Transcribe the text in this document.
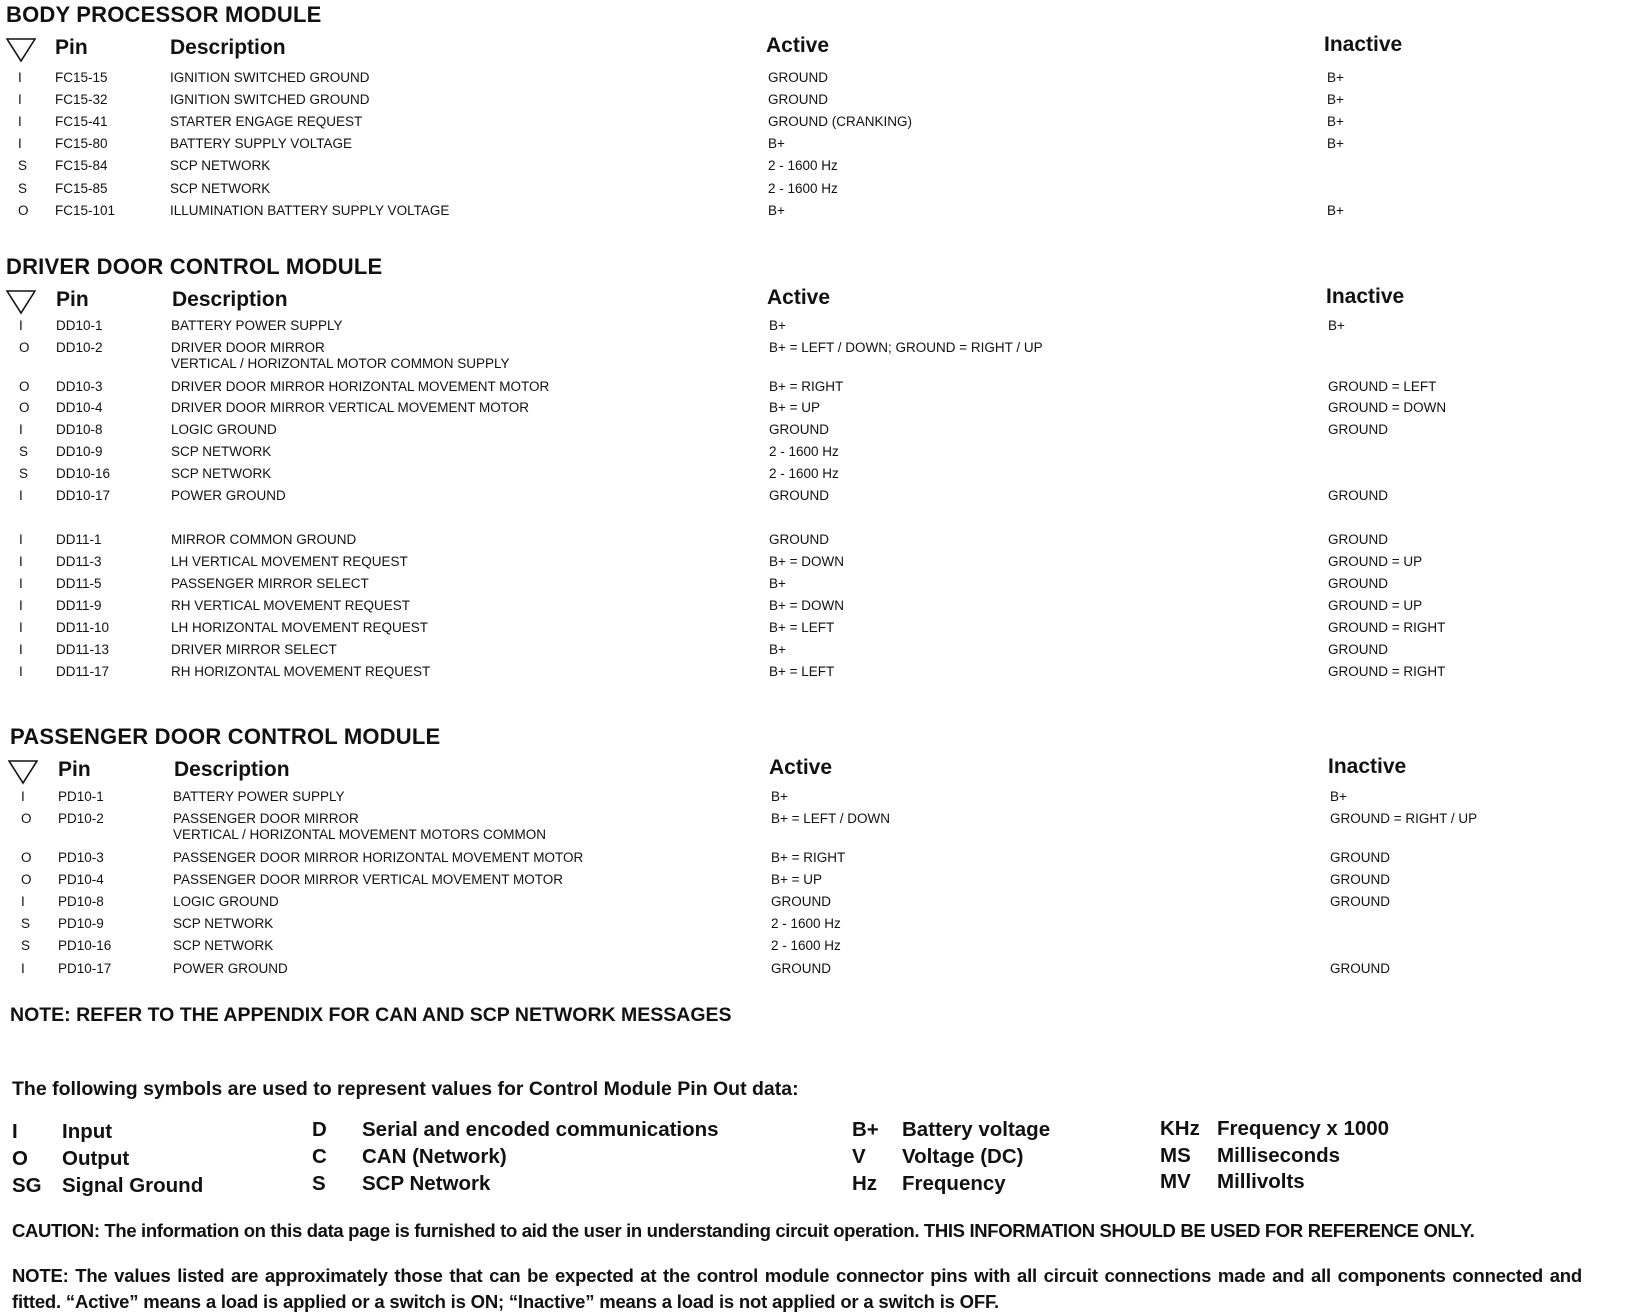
BODY PROCESSOR MODULE
Pin	Description	Active	Inactive
I FC15-15	IGNITION SWITCHED GROUND	GROUND	B+
I FC15-32	IGNITION SWITCHED GROUND	GROUND	B+
I FC15-41	STARTER ENGAGE REQUEST	GROUND (CRANKING)	B+
I FC15-80	BATTERY SUPPLY VOLTAGE	B+	B+
S FC15-84	SCP NETWORK	2 - 1600 Hz
S FC15-85	SCP NETWORK	2 - 1600 Hz
O FC15-101	ILLUMINATION BATTERY SUPPLY VOLTAGE	B+	B+
DRIVER DOOR CONTROL MODULE
Pin	Description	Active	Inactive
I DD10-1	BATTERY POWER SUPPLY	B+	B+
O DD10-2	DRIVER DOOR MIRROR	B+ = LEFT / DOWN; GROUND = RIGHT / UP
VERTICAL / HORIZONTAL MOTOR COMMON SUPPLY
O DD10-3	DRIVER DOOR MIRROR HORIZONTAL MOVEMENT MOTOR	B+ = RIGHT	GROUND = LEFT
O DD10-4	DRIVER DOOR MIRROR VERTICAL MOVEMENT MOTOR	B+ = UP	GROUND = DOWN
I DD10-8	LOGIC GROUND	GROUND	GROUND
S DD10-9	SCP NETWORK	2 - 1600 Hz
S DD10-16	SCP NETWORK	2 - 1600 Hz
I DD10-17	POWER GROUND	GROUND	GROUND
I DD11-1	MIRROR COMMON GROUND	GROUND	GROUND
I DD11-3	LH VERTICAL MOVEMENT REQUEST	B+ = DOWN	GROUND = UP
I DD11-5	PASSENGER MIRROR SELECT	B+	GROUND
I DD11-9	RH VERTICAL MOVEMENT REQUEST	B+ = DOWN	GROUND = UP
I DD11-10	LH HORIZONTAL MOVEMENT REQUEST	B+ = LEFT	GROUND = RIGHT
I DD11-13	DRIVER MIRROR SELECT	B+	GROUND
I DD11-17	RH HORIZONTAL MOVEMENT REQUEST	B+ = LEFT	GROUND = RIGHT
PASSENGER DOOR CONTROL MODULE
Pin	Description	Active	Inactive
I PD10-1	BATTERY POWER SUPPLY	B+	B+
O PD10-2	PASSENGER DOOR MIRROR	B+ = LEFT / DOWN	GROUND = RIGHT / UP
VERTICAL / HORIZONTAL MOVEMENT MOTORS COMMON
O PD10-3	PASSENGER DOOR MIRROR HORIZONTAL MOVEMENT MOTOR	B+ = RIGHT	GROUND
O PD10-4	PASSENGER DOOR MIRROR VERTICAL MOVEMENT MOTOR	B+ = UP	GROUND
I PD10-8	LOGIC GROUND	GROUND	GROUND
S PD10-9	SCP NETWORK	2 - 1600 Hz
S PD10-16	SCP NETWORK	2 - 1600 Hz
I PD10-17	POWER GROUND	GROUND	GROUND
NOTE: REFER TO THE APPENDIX FOR CAN AND SCP NETWORK MESSAGES
The following symbols are used to represent values for Control Module Pin Out data:
I Input
O Output
SG Signal Ground
D Serial and encoded communications
C CAN (Network)
S SCP Network
B+ Battery voltage
V Voltage (DC)
Hz Frequency
KHz Frequency x 1000
MS Milliseconds
MV Millivolts
CAUTION: The information on this data page is furnished to aid the user in understanding circuit operation. THIS INFORMATION SHOULD BE USED FOR REFERENCE ONLY.
NOTE: The values listed are approximately those that can be expected at the control module connector pins with all circuit connections made and all components connected and fitted. “Active” means a load is applied or a switch is ON; “Inactive” means a load is not applied or a switch is OFF.
